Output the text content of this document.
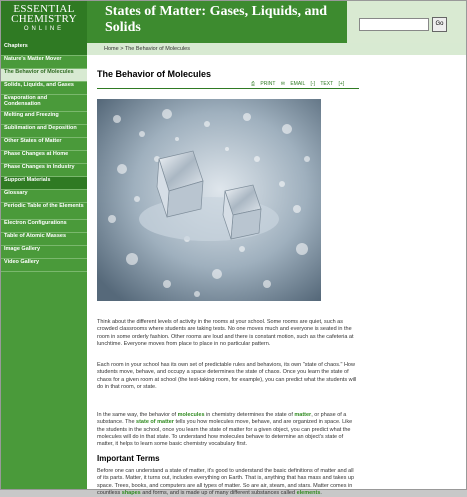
ESSENTIAL
CHEMISTRY
ONLINE
States of Matter: Gases, Liquids, and Solids	Go
Chapters
Nature's Matter Mover
The Behavior of Molecules
Solids, Liquids, and Gases
Evaporation and Condensation
Melting and Freezing
Sublimation and Deposition
Other States of Matter
Phase Changes at Home
Phase Changes in Industry
Support Materials
Glossary
Periodic Table of the Elements
Electron Configurations
Table of Atomic Masses
Image Gallery
Video Gallery
Home > The Behavior of Molecules
The Behavior of Molecules
⎙ PRINT ✉ EMAIL [-] TEXT [+]

Think about the different levels of activity in the rooms at your school. Some rooms are quiet, such as crowded classrooms where students are taking tests. No one moves much and everyone is seated in the room in some orderly fashion. Other rooms are loud and there is constant motion, such as the cafeteria at lunchtime. Everyone moves from place to place in no particular pattern.

Each room in your school has its own set of predictable rules and behaviors, its own "state of chaos." How students move, behave, and occupy a space determines the state of chaos. Once you learn the state of chaos for a given room at school (the test-taking room, for example), you can predict what the students will do in that room, or state.

In the same way, the behavior of molecules in chemistry determines the state of matter, or phase of a substance. The state of matter tells you how molecules move, behave, and are organized in space. Like the students in the school, once you learn the state of matter for a given object, you can predict what the molecules will do in that state. To understand how molecules behave to determine an object's state of matter, it helps to learn some basic chemistry vocabulary first.

Important Terms

Before one can understand a state of matter, it's good to understand the basic definitions of matter and all of its parts. Matter, it turns out, includes everything on Earth. That is, anything that has mass and takes up space. Trees, books, and computers are all types of matter. So are air, steam, and stars. Matter comes in countless shapes and forms, and is made up of many different substances called elements.
